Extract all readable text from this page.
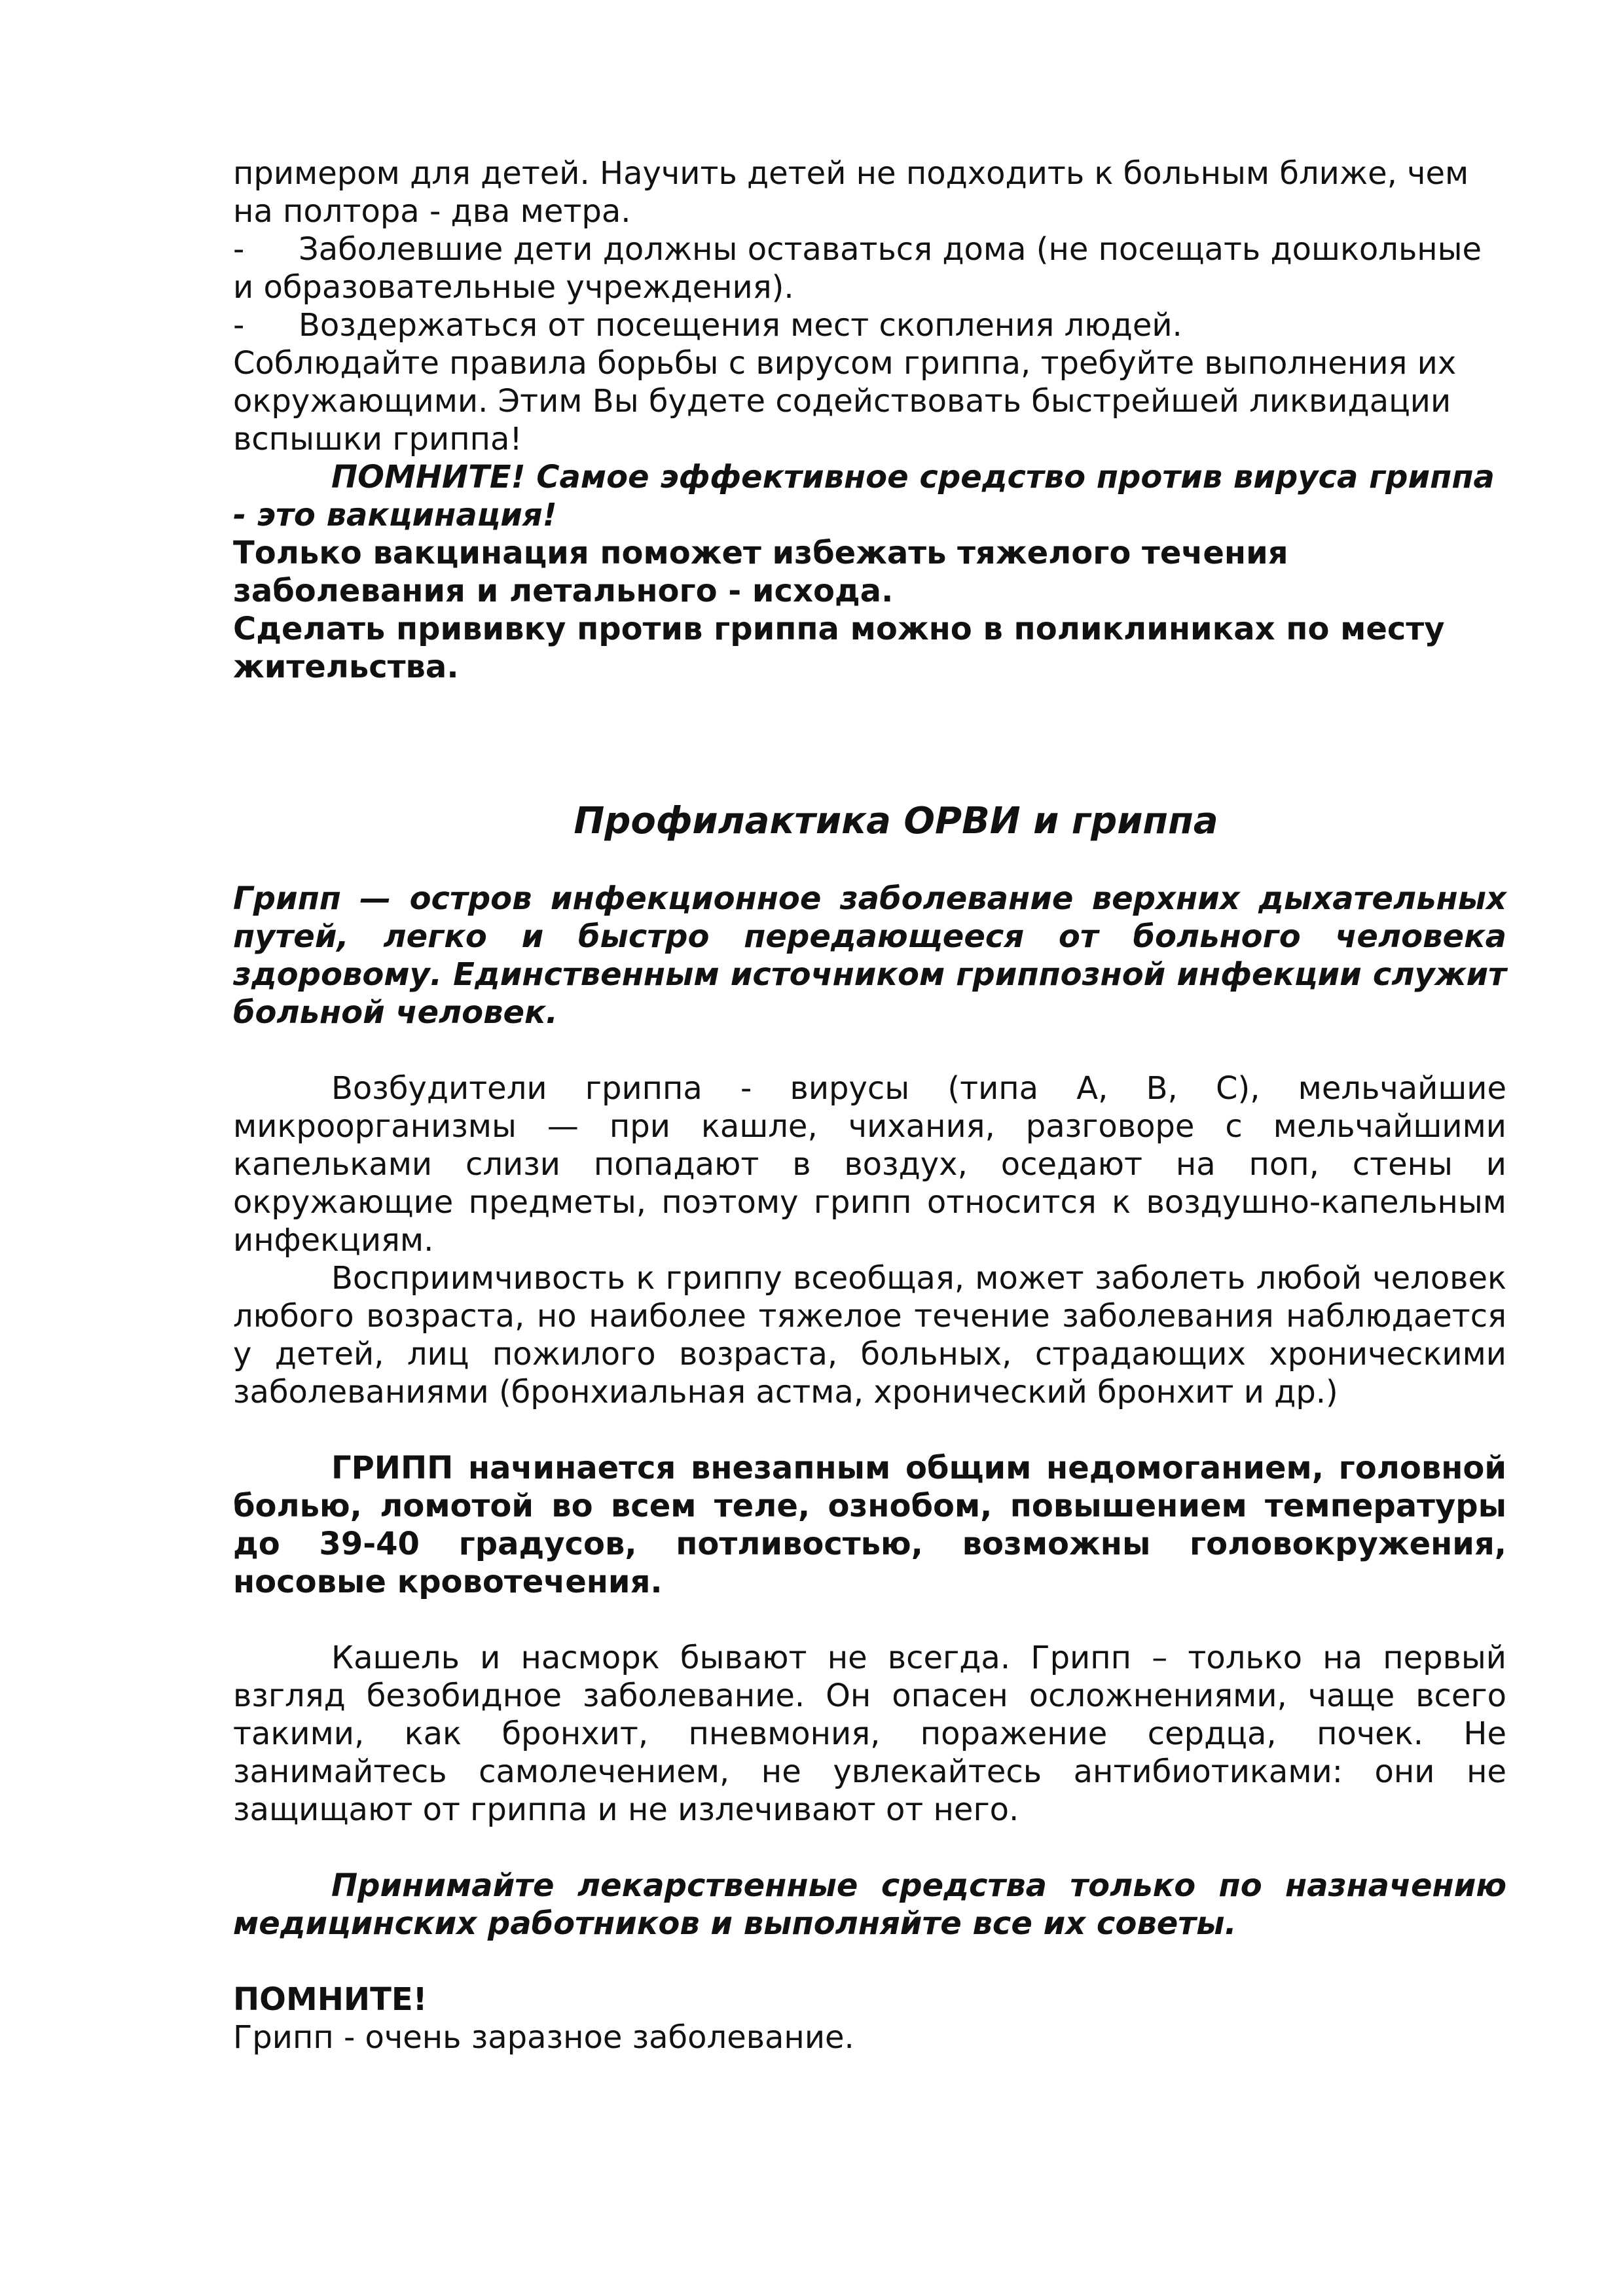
примером для детей. Научить детей не подходить к больным ближе, чем на полтора - два метра.

- Заболевшие дети должны оставаться дома (не посещать дошкольные и образовательные учреждения).

- Воздержаться от посещения мест скопления людей.

Соблюдайте правила борьбы с вирусом гриппа, требуйте выполнения их окружающими. Этим Вы будете содействовать быстрейшей ликвидации вспышки гриппа!

ПОМНИТЕ! Самое эффективное средство против вируса гриппа - это вакцинация!

Только вакцинация поможет избежать тяжелого течения заболевания и летального - исхода.

Сделать прививку против гриппа можно в поликлиниках по месту жительства.

Профилактика ОРВИ и гриппа

Грипп — остров инфекционное заболевание верхних дыхательных путей, легко и быстро передающееся от больного человека здоровому. Единственным источником гриппозной инфекции служит больной человек.

Возбудители гриппа - вирусы (типа А, В, С), мельчайшие микроорганизмы — при кашле, чихания, разговоре с мельчайшими капельками слизи попадают в воздух, оседают на поп, стены и окружающие предметы, поэтому грипп относится к воздушно-капельным инфекциям.

Восприимчивость к гриппу всеобщая, может заболеть любой человек любого возраста, но наиболее тяжелое течение заболевания наблюдается у детей, лиц пожилого возраста, больных, страдающих хроническими заболеваниями (бронхиальная астма, хронический бронхит и др.)

ГРИПП начинается внезапным общим недомоганием, головной болью, ломотой во всем теле, ознобом, повышением температуры до 39-40 градусов, потливостью, возможны головокружения, носовые кровотечения.

Кашель и насморк бывают не всегда. Грипп – только на первый взгляд безобидное заболевание. Он опасен осложнениями, чаще всего такими, как бронхит, пневмония, поражение сердца, почек. Не занимайтесь самолечением, не увлекайтесь антибиотиками: они не защищают от гриппа и не излечивают от него.

Принимайте лекарственные средства только по назначению медицинских работников и выполняйте все их советы.

ПОМНИТЕ!

Грипп - очень заразное заболевание.
